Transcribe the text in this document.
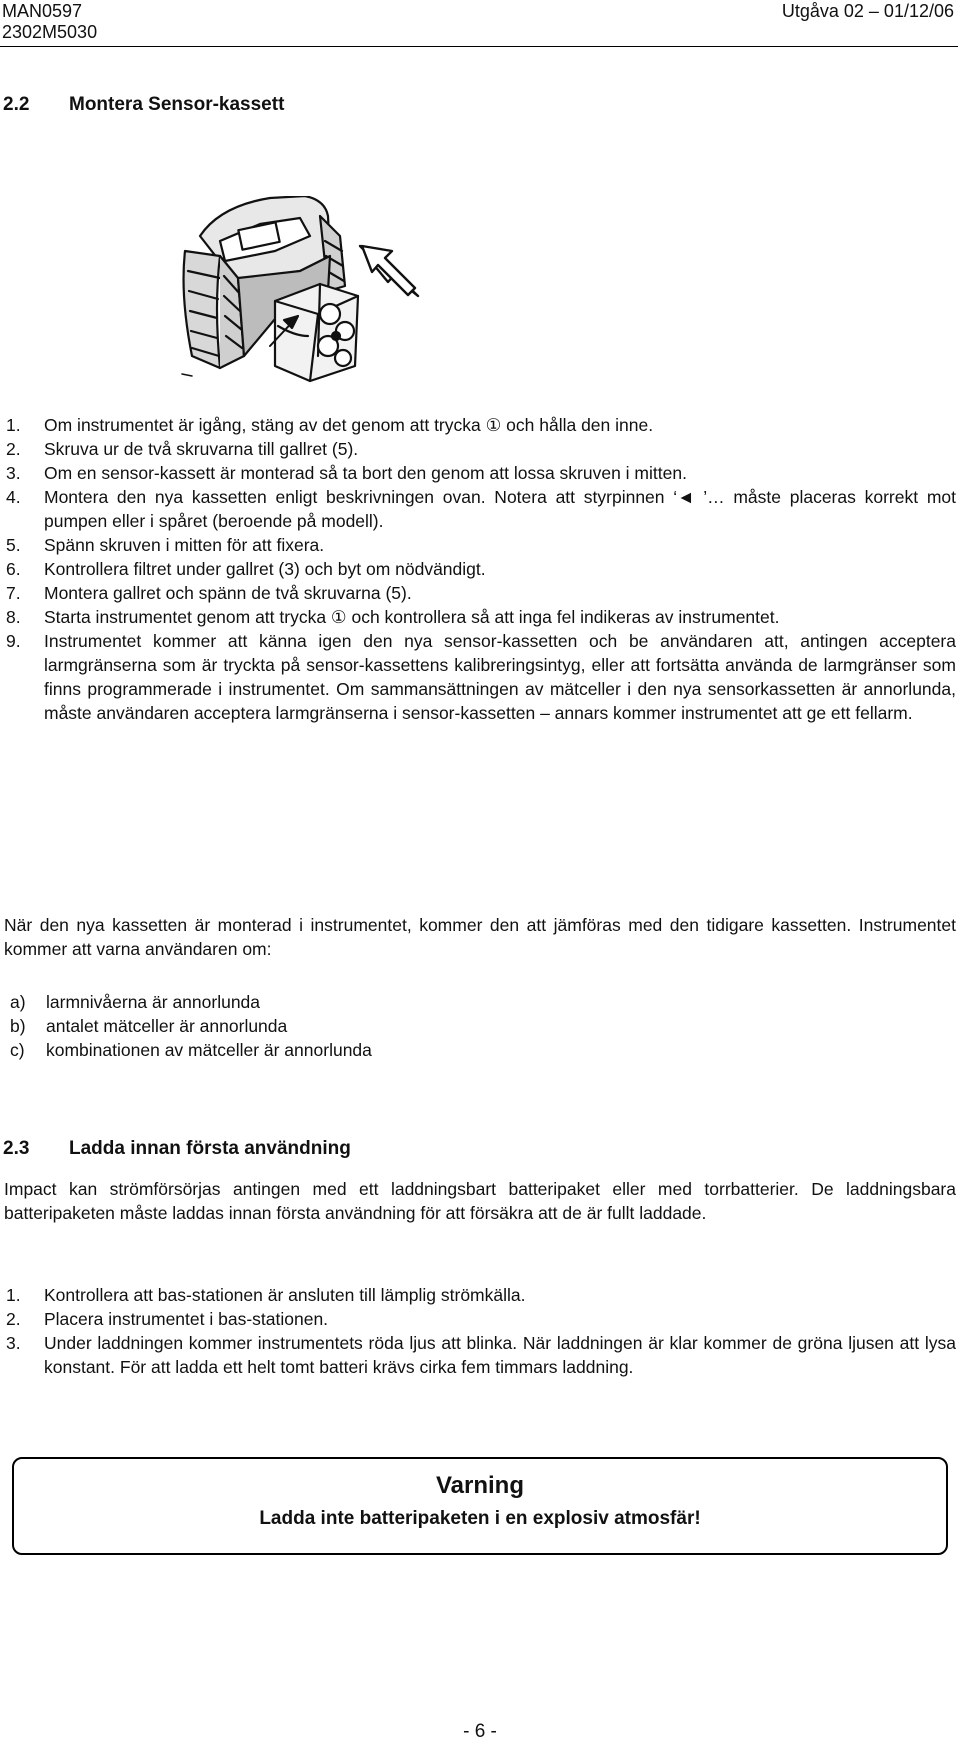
MAN0597
2302M5030
Utgåva 02 – 01/12/06
2.2 Montera Sensor-kassett
1. Om instrumentet är igång, stäng av det genom att trycka ① och hålla den inne.
2. Skruva ur de två skruvarna till gallret (5).
3. Om en sensor-kassett är monterad så ta bort den genom att lossa skruven i mitten.
4. Montera den nya kassetten enligt beskrivningen ovan. Notera att styrpinnen ‘◄ ’… måste placeras korrekt mot pumpen eller i spåret (beroende på modell).
5. Spänn skruven i mitten för att fixera.
6. Kontrollera filtret under gallret (3) och byt om nödvändigt.
7. Montera gallret och spänn de två skruvarna (5).
8. Starta instrumentet genom att trycka ① och kontrollera så att inga fel indikeras av instrumentet.
9. Instrumentet kommer att känna igen den nya sensor-kassetten och be användaren att, antingen acceptera larmgränserna som är tryckta på sensor-kassettens kalibreringsintyg, eller att fortsätta använda de larmgränser som finns programmerade i instrumentet. Om sammansättningen av mätceller i den nya sensorkassetten är annorlunda, måste användaren acceptera larmgränserna i sensor-kassetten – annars kommer instrumentet att ge ett fellarm.
När den nya kassetten är monterad i instrumentet, kommer den att jämföras med den tidigare kassetten. Instrumentet kommer att varna användaren om:
a) larmnivåerna är annorlunda
b) antalet mätceller är annorlunda
c) kombinationen av mätceller är annorlunda
2.3 Ladda innan första användning
Impact kan strömförsörjas antingen med ett laddningsbart batteripaket eller med torrbatterier. De laddningsbara batteripaketen måste laddas innan första användning för att försäkra att de är fullt laddade.
1. Kontrollera att bas-stationen är ansluten till lämplig strömkälla.
2. Placera instrumentet i bas-stationen.
3. Under laddningen kommer instrumentets röda ljus att blinka. När laddningen är klar kommer de gröna ljusen att lysa konstant. För att ladda ett helt tomt batteri krävs cirka fem timmars laddning.
Varning
Ladda inte batteripaketen i en explosiv atmosfär!
- 6 -
